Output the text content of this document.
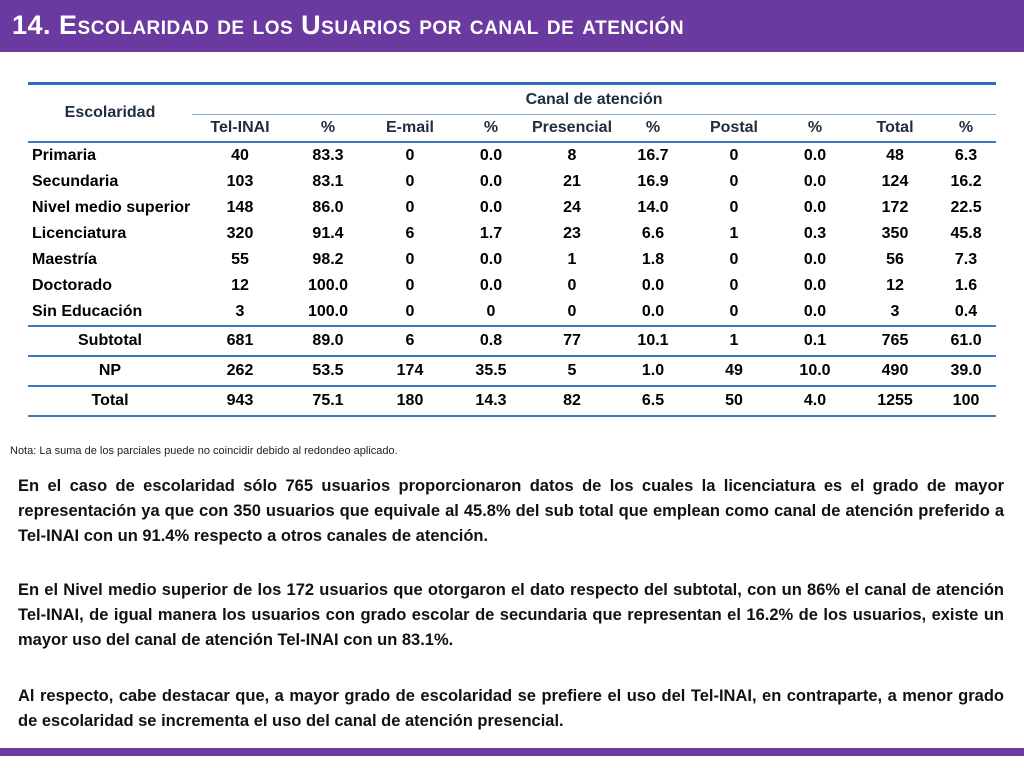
14. Escolaridad de los Usuarios por canal de atención
Escolaridad	Canal de atención									
	Tel-INAI	%	E-mail	%	Presencial	%	Postal	%	Total	%
Primaria	40	83.3	0	0.0	8	16.7	0	0.0	48	6.3
Secundaria	103	83.1	0	0.0	21	16.9	0	0.0	124	16.2
Nivel medio superior	148	86.0	0	0.0	24	14.0	0	0.0	172	22.5
Licenciatura	320	91.4	6	1.7	23	6.6	1	0.3	350	45.8
Maestría	55	98.2	0	0.0	1	1.8	0	0.0	56	7.3
Doctorado	12	100.0	0	0.0	0	0.0	0	0.0	12	1.6
Sin Educación	3	100.0	0	0	0	0.0	0	0.0	3	0.4
Subtotal	681	89.0	6	0.8	77	10.1	1	0.1	765	61.0
NP	262	53.5	174	35.5	5	1.0	49	10.0	490	39.0
Total	943	75.1	180	14.3	82	6.5	50	4.0	1255	100
Nota: La suma de los parciales puede no coincidir debido al redondeo aplicado.
En el caso de escolaridad sólo 765 usuarios proporcionaron datos de los cuales la licenciatura es el grado de mayor representación ya que con 350 usuarios que equivale al 45.8% del sub total que emplean como canal de atención preferido a Tel-INAI con un 91.4% respecto a otros canales de atención.
En el Nivel medio superior de los 172 usuarios que otorgaron el dato respecto del subtotal, con un 86% el canal de atención Tel-INAI, de igual manera los usuarios con grado escolar de secundaria que representan el 16.2% de los usuarios, existe un mayor uso del canal de atención Tel-INAI con un 83.1%.
Al respecto, cabe destacar que, a mayor grado de escolaridad se prefiere el uso del Tel-INAI, en contraparte, a menor grado de escolaridad se incrementa el uso del canal de atención presencial.
